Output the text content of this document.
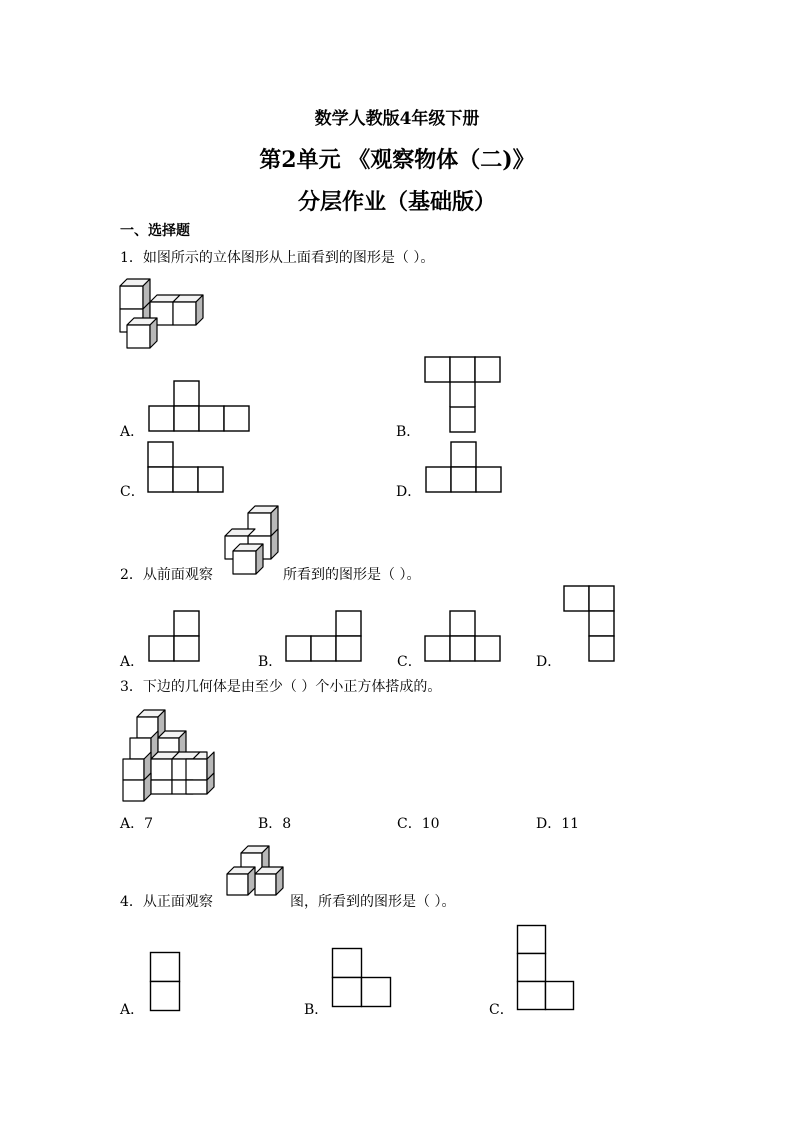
数学人教版4年级下册
第2单元 《观察物体（二)》
分层作业（基础版）
一、选择题
1．如图所示的立体图形从上面看到的图形是（ ）。
A．	B．
C．	D．
2．从前面观察	所看到的图形是（ ）。
A．	B．	C．	D．
3．下边的几何体是由至少（ ）个小正方体搭成的。
A．7	B．8	C．10	D．11
4．从正面观察	图，所看到的图形是（ ）。
A．	B．	C．
